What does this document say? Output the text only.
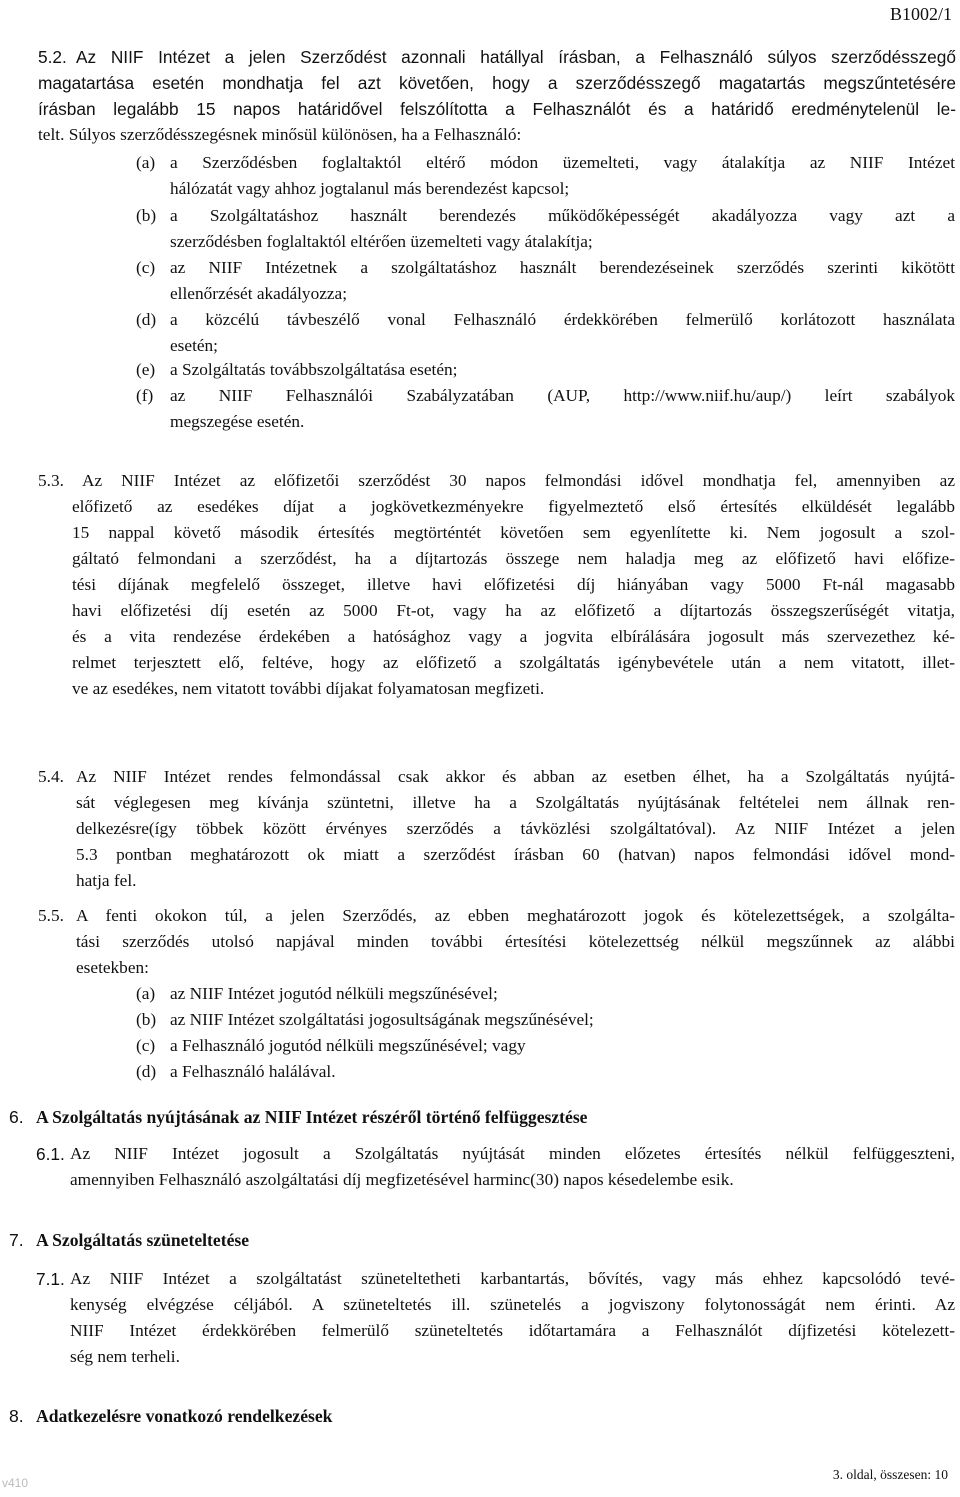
B1002/1
5.2. Az NIIF Intézet a jelen Szerződést azonnali hatállyal írásban, a Felhasználó súlyos szerződésszegő
magatartása esetén mondhatja fel azt követően, hogy a szerződésszegő magatartás megszűntetésére
írásban legalább 15 napos határidővel felszólította a Felhasználót és a határidő eredménytelenül le-
telt. Súlyos szerződésszegésnek minősül különösen, ha a Felhasználó:
(a) a Szerződésben foglaltaktól eltérő módon üzemelteti, vagy átalakítja az NIIF Intézet
hálózatát vagy ahhoz jogtalanul más berendezést kapcsol;
(b) a Szolgáltatáshoz használt berendezés működőképességét akadályozza vagy azt a
szerződésben foglaltaktól eltérően üzemelteti vagy átalakítja;
(c) az NIIF Intézetnek a szolgáltatáshoz használt berendezéseinek szerződés szerinti kikötött
ellenőrzését akadályozza;
(d) a közcélú távbeszélő vonal Felhasználó érdekkörében felmerülő korlátozott használata
esetén;
(e) a Szolgáltatás továbbszolgáltatása esetén;
(f) az NIIF Felhasználói Szabályzatában (AUP, http://www.niif.hu/aup/) leírt szabályok
megszegése esetén.
5.3. Az NIIF Intézet az előfizetői szerződést 30 napos felmondási idővel mondhatja fel, amennyiben az
előfizető az esedékes díjat a jogkövetkezményekre figyelmeztető első értesítés elküldését legalább
15 nappal követő második értesítés megtörténtét követően sem egyenlítette ki. Nem jogosult a szol-
gáltató felmondani a szerződést, ha a díjtartozás összege nem haladja meg az előfizető havi előfize-
tési díjának megfelelő összeget, illetve havi előfizetési díj hiányában vagy 5000 Ft-nál magasabb
havi előfizetési díj esetén az 5000 Ft-ot, vagy ha az előfizető a díjtartozás összegszerűségét vitatja,
és a vita rendezése érdekében a hatósághoz vagy a jogvita elbírálására jogosult más szervezethez ké-
relmet terjesztett elő, feltéve, hogy az előfizető a szolgáltatás igénybevétele után a nem vitatott, illet-
ve az esedékes, nem vitatott további díjakat folyamatosan megfizeti.
5.4. Az NIIF Intézet rendes felmondással csak akkor és abban az esetben élhet, ha a Szolgáltatás nyújtá-
sát véglegesen meg kívánja szüntetni, illetve ha a Szolgáltatás nyújtásának feltételei nem állnak ren-
delkezésre(így többek között érvényes szerződés a távközlési szolgáltatóval). Az NIIF Intézet a jelen
5.3 pontban meghatározott ok miatt a szerződést írásban 60 (hatvan) napos felmondási idővel mond-
hatja fel.
5.5. A fenti okokon túl, a jelen Szerződés, az ebben meghatározott jogok és kötelezettségek, a szolgálta-
tási szerződés utolsó napjával minden további értesítési kötelezettség nélkül megszűnnek az alábbi
esetekben:
(a) az NIIF Intézet jogutód nélküli megszűnésével;
(b) az NIIF Intézet szolgáltatási jogosultságának megszűnésével;
(c) a Felhasználó jogutód nélküli megszűnésével; vagy
(d) a Felhasználó halálával.
6. A Szolgáltatás nyújtásának az NIIF Intézet részéről történő felfüggesztése
6.1. Az NIIF Intézet jogosult a Szolgáltatás nyújtását minden előzetes értesítés nélkül felfüggeszteni,
amennyiben Felhasználó aszolgáltatási díj megfizetésével harminc(30) napos késedelembe esik.
7. A Szolgáltatás szüneteltetése
7.1. Az NIIF Intézet a szolgáltatást szüneteltetheti karbantartás, bővítés, vagy más ehhez kapcsolódó tevé-
kenység elvégzése céljából. A szüneteltetés ill. szünetelés a jogviszony folytonosságát nem érinti. Az
NIIF Intézet érdekkörében felmerülő szüneteltetés időtartamára a Felhasználót díjfizetési kötelezett-
ség nem terheli.
8. Adatkezelésre vonatkozó rendelkezések
v410
3. oldal, összesen: 10
